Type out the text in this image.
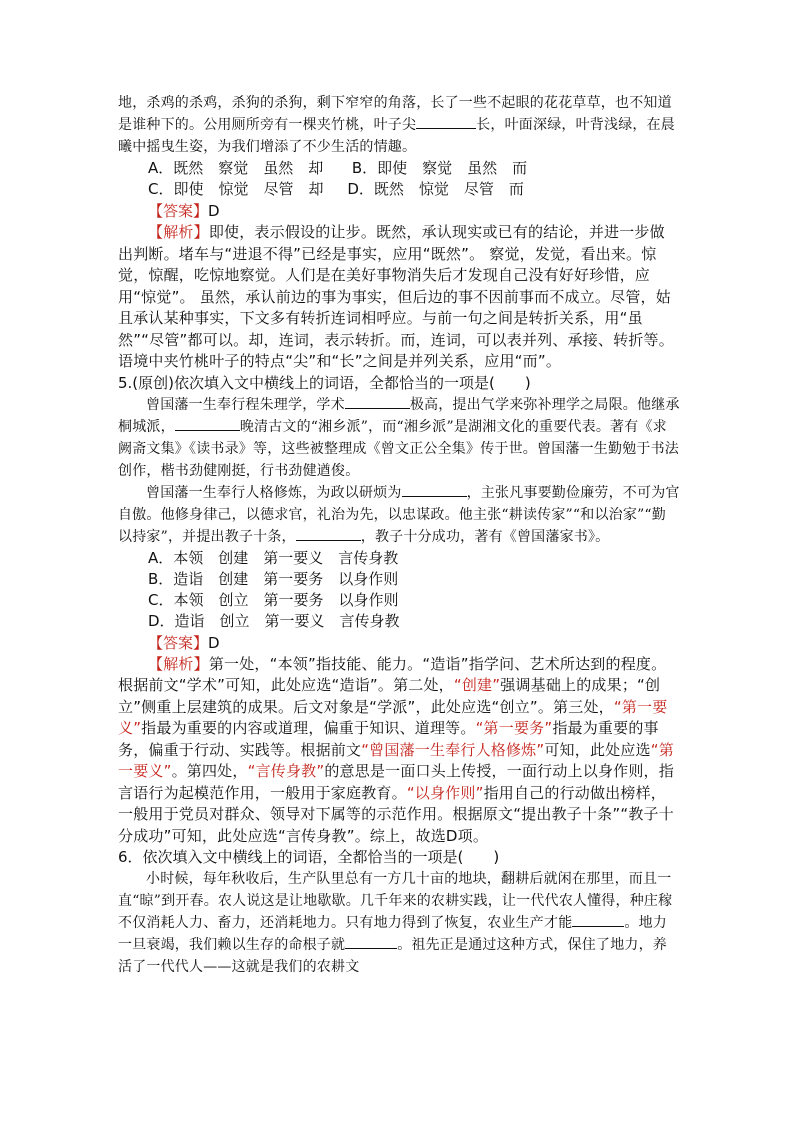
地，杀鸡的杀鸡，杀狗的杀狗，剩下窄窄的角落，长了一些不起眼的花花草草，也不知道是谁种下的。公用厕所旁有一棵夹竹桃，叶子尖	长，叶面深绿，叶背浅绿，在晨曦中摇曳生姿，为我们增添了不少生活的情趣。

A．既然　察觉　虽然　却 B．即使　察觉　虽然　而

C．即使　惊觉　尽管　却 D．既然　惊觉　尽管　而

【答案】D

【解析】即使，表示假设的让步。既然，承认现实或已有的结论，并进一步做出判断。堵车与“进退不得”已经是事实，应用“既然”。 察觉，发觉，看出来。惊觉，惊醒，吃惊地察觉。人们是在美好事物消失后才发现自己没有好好珍惜，应用“惊觉”。 虽然，承认前边的事为事实，但后边的事不因前事而不成立。尽管，姑且承认某种事实，下文多有转折连词相呼应。与前一句之间是转折关系，用“虽然”“尽管”都可以。却，连词，表示转折。而，连词，可以表并列、承接、转折等。语境中夹竹桃叶子的特点“尖”和“长”之间是并列关系，应用“而”。

5.(原创)依次填入文中横线上的词语，全都恰当的一项是(　　)

曾国藩一生奉行程朱理学，学术	极高，提出气学来弥补理学之局限。他继承桐城派，	晚清古文的“湘乡派”，而“湘乡派”是湖湘文化的重要代表。著有《求阙斋文集》《读书录》等，这些被整理成《曾文正公全集》传于世。曾国藩一生勤勉于书法创作，楷书劲健刚挺，行书劲健遒俊。

曾国藩一生奉行人格修炼，为政以研烦为	，主张凡事要勤俭廉劳，不可为官自傲。他修身律己，以德求官，礼治为先，以忠谋政。他主张“耕读传家”“和以治家”“勤以持家”，并提出教子十条，	，教子十分成功，著有《曾国藩家书》。

A．本领　创建　第一要义　言传身教

B．造诣　创建　第一要务　以身作则

C．本领　创立　第一要务　以身作则

D．造诣　创立　第一要义　言传身教

【答案】D

【解析】第一处，“本领”指技能、能力。“造诣”指学问、艺术所达到的程度。根据前文“学术”可知，此处应选“造诣”。第二处，“创建”强调基础上的成果；“创立”侧重上层建筑的成果。后文对象是“学派”，此处应选“创立”。第三处，“第一要义”指最为重要的内容或道理，偏重于知识、道理等。“第一要务”指最为重要的事务，偏重于行动、实践等。根据前文“曾国藩一生奉行人格修炼”可知，此处应选“第一要义”。第四处，“言传身教”的意思是一面口头上传授，一面行动上以身作则，指言语行为起模范作用，一般用于家庭教育。“以身作则”指用自己的行动做出榜样，一般用于党员对群众、领导对下属等的示范作用。根据原文“提出教子十条”“教子十分成功”可知，此处应选“言传身教”。综上，故选D项。

6．依次填入文中横线上的词语，全都恰当的一项是(　　)

小时候，每年秋收后，生产队里总有一方几十亩的地块，翻耕后就闲在那里，而且一直“晾”到开春。农人说这是让地歇歇。几千年来的农耕实践，让一代代农人懂得，种庄稼不仅消耗人力、畜力，还消耗地力。只有地力得到了恢复，农业生产才能	。地力一旦衰竭，我们赖以生存的命根子就	。祖先正是通过这种方式，保住了地力，养活了一代代人——这就是我们的农耕文
